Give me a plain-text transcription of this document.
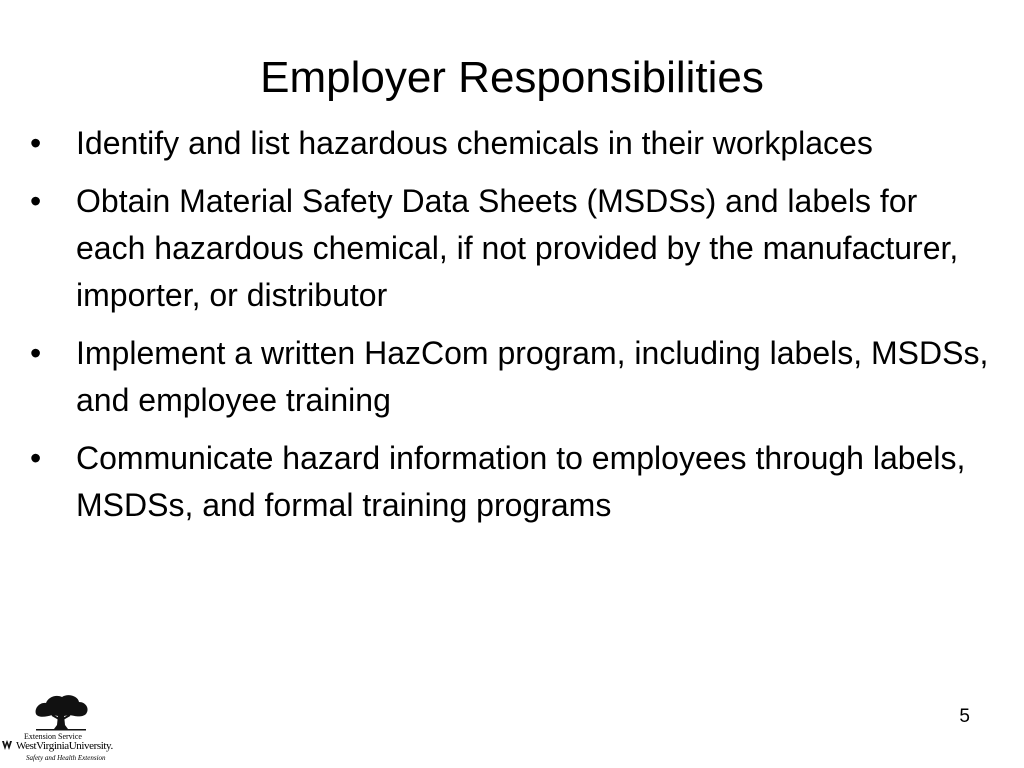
Employer Responsibilities
•	Identify and list hazardous chemicals in their workplaces
•	Obtain Material Safety Data Sheets (MSDSs) and labels for each hazardous chemical, if not provided by the manufacturer, importer, or distributor
•	Implement a written HazCom program, including labels, MSDSs, and employee training
•	Communicate hazard information to employees through labels, MSDSs, and formal training programs
5
Extension Service
WestVirginiaUniversity.
Safety and Health Extension
